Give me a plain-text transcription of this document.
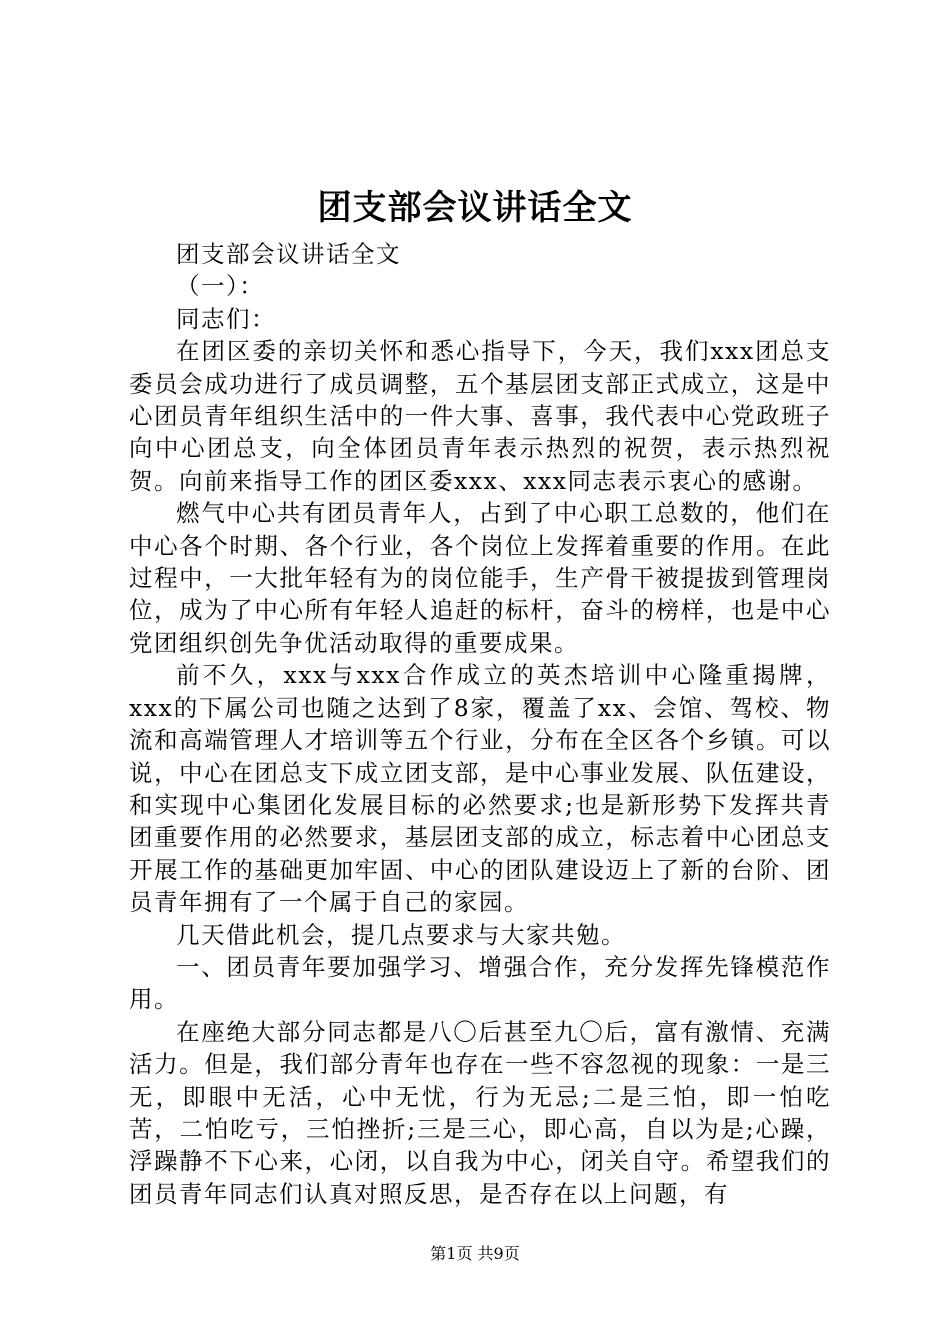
团支部会议讲话全文

团支部会议讲话全文

（一）：

同志们：

在团区委的亲切关怀和悉心指导下，今天，我们xxx团总支委员会成功进行了成员调整，五个基层团支部正式成立，这是中心团员青年组织生活中的一件大事、喜事，我代表中心党政班子向中心团总支，向全体团员青年表示热烈的祝贺，表示热烈祝贺。向前来指导工作的团区委xxx、xxx同志表示衷心的感谢。

燃气中心共有团员青年人，占到了中心职工总数的，他们在中心各个时期、各个行业，各个岗位上发挥着重要的作用。在此过程中，一大批年轻有为的岗位能手，生产骨干被提拔到管理岗位，成为了中心所有年轻人追赶的标杆，奋斗的榜样，也是中心党团组织创先争优活动取得的重要成果。

前不久，xxx与xxx合作成立的英杰培训中心隆重揭牌，xxx的下属公司也随之达到了8家，覆盖了xx、会馆、驾校、物流和高端管理人才培训等五个行业，分布在全区各个乡镇。可以说，中心在团总支下成立团支部，是中心事业发展、队伍建设，和实现中心集团化发展目标的必然要求;也是新形势下发挥共青团重要作用的必然要求，基层团支部的成立，标志着中心团总支开展工作的基础更加牢固、中心的团队建设迈上了新的台阶、团员青年拥有了一个属于自己的家园。

几天借此机会，提几点要求与大家共勉。

一、团员青年要加强学习、增强合作，充分发挥先锋模范作用。

在座绝大部分同志都是八〇后甚至九〇后，富有激情、充满活力。但是，我们部分青年也存在一些不容忽视的现象：一是三无，即眼中无活，心中无忧，行为无忌;二是三怕，即一怕吃苦，二怕吃亏，三怕挫折;三是三心，即心高，自以为是;心躁，浮躁静不下心来，心闭，以自我为中心，闭关自守。希望我们的团员青年同志们认真对照反思，是否存在以上问题，有

第1页 共9页
